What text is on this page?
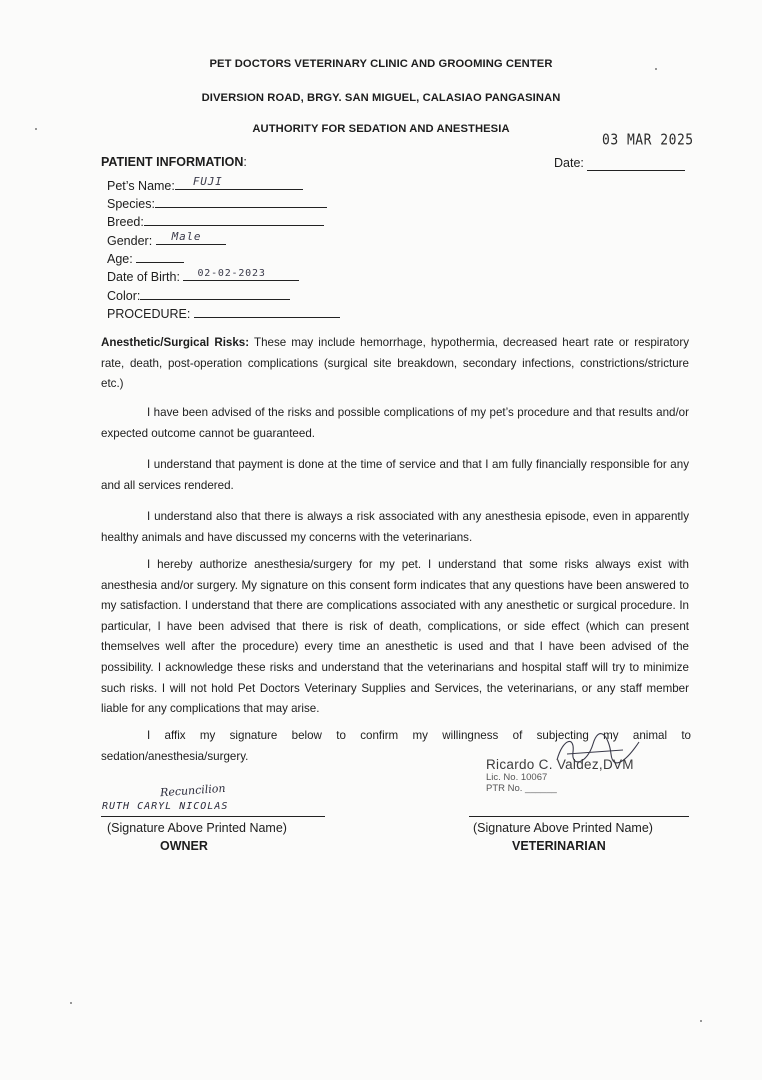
PET DOCTORS VETERINARY CLINIC AND GROOMING CENTER
DIVERSION ROAD, BRGY. SAN MIGUEL, CALASIAO PANGASINAN
AUTHORITY FOR SEDATION AND ANESTHESIA
03 MAR 2025
Date:
PATIENT INFORMATION:
Pet’s Name: FUJI
Species:
Breed:
Gender: Male
Age:
Date of Birth: 02-02-2023
Color:
PROCEDURE:
Anesthetic/Surgical Risks: These may include hemorrhage, hypothermia, decreased heart rate or respiratory rate, death, post-operation complications (surgical site breakdown, secondary infections, constrictions/stricture etc.)
I have been advised of the risks and possible complications of my pet’s procedure and that results and/or expected outcome cannot be guaranteed.
I understand that payment is done at the time of service and that I am fully financially responsible for any and all services rendered.
I understand also that there is always a risk associated with any anesthesia episode, even in apparently healthy animals and have discussed my concerns with the veterinarians.
I hereby authorize anesthesia/surgery for my pet. I understand that some risks always exist with anesthesia and/or surgery. My signature on this consent form indicates that any questions have been answered to my satisfaction. I understand that there are complications associated with any anesthetic or surgical procedure. In particular, I have been advised that there is risk of death, complications, or side effect (which can present themselves well after the procedure) every time an anesthetic is used and that I have been advised of the possibility. I acknowledge these risks and understand that the veterinarians and hospital staff will try to minimize such risks. I will not hold Pet Doctors Veterinary Supplies and Services, the veterinarians, or any staff member liable for any complications that may arise.
I affix my signature below to confirm my willingness of subjecting my animal to sedation/anesthesia/surgery.
Recuncilion
RUTH CARYL NICOLAS
(Signature Above Printed Name)
OWNER
Ricardo C. Valdez,DVM
Lic. No. 10067
PTR No. ______
(Signature Above Printed Name)
VETERINARIAN
